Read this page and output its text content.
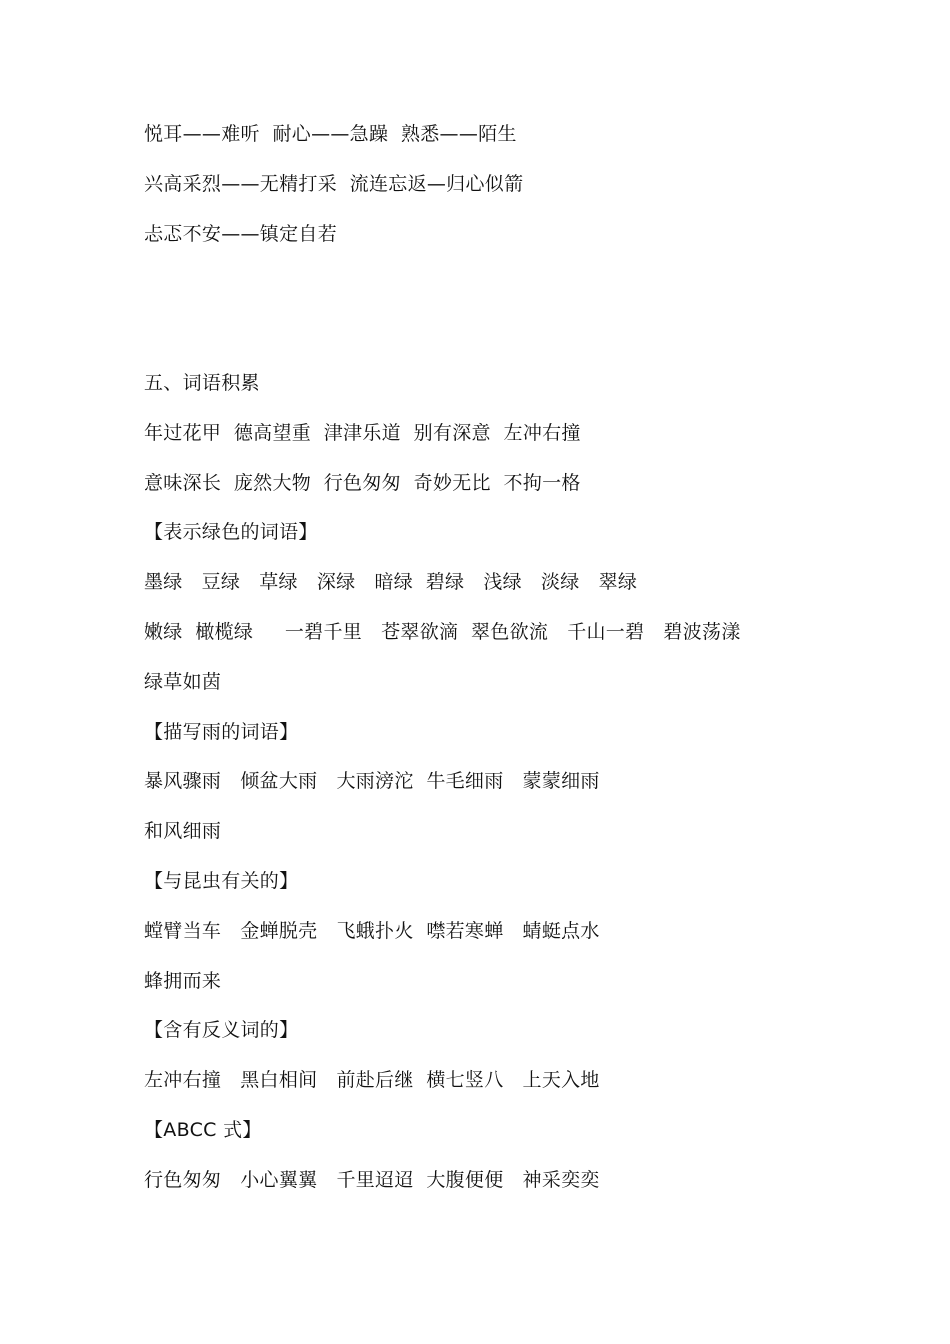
悦耳——难听  耐心——急躁  熟悉——陌生
兴高采烈——无精打采  流连忘返—归心似箭
忐忑不安——镇定自若
五、词语积累
年过花甲  德高望重  津津乐道  别有深意  左冲右撞
意味深长  庞然大物  行色匆匆  奇妙无比  不拘一格
【表示绿色的词语】
墨绿   豆绿   草绿   深绿   暗绿  碧绿   浅绿   淡绿   翠绿
嫩绿  橄榄绿     一碧千里   苍翠欲滴  翠色欲流   千山一碧   碧波荡漾
绿草如茵
【描写雨的词语】
暴风骤雨   倾盆大雨   大雨滂沱  牛毛细雨   蒙蒙细雨
和风细雨
【与昆虫有关的】
螳臂当车   金蝉脱壳   飞蛾扑火  噤若寒蝉   蜻蜓点水
蜂拥而来
【含有反义词的】
左冲右撞   黑白相间   前赴后继  横七竖八   上天入地
【ABCC 式】
行色匆匆   小心翼翼   千里迢迢  大腹便便   神采奕奕
